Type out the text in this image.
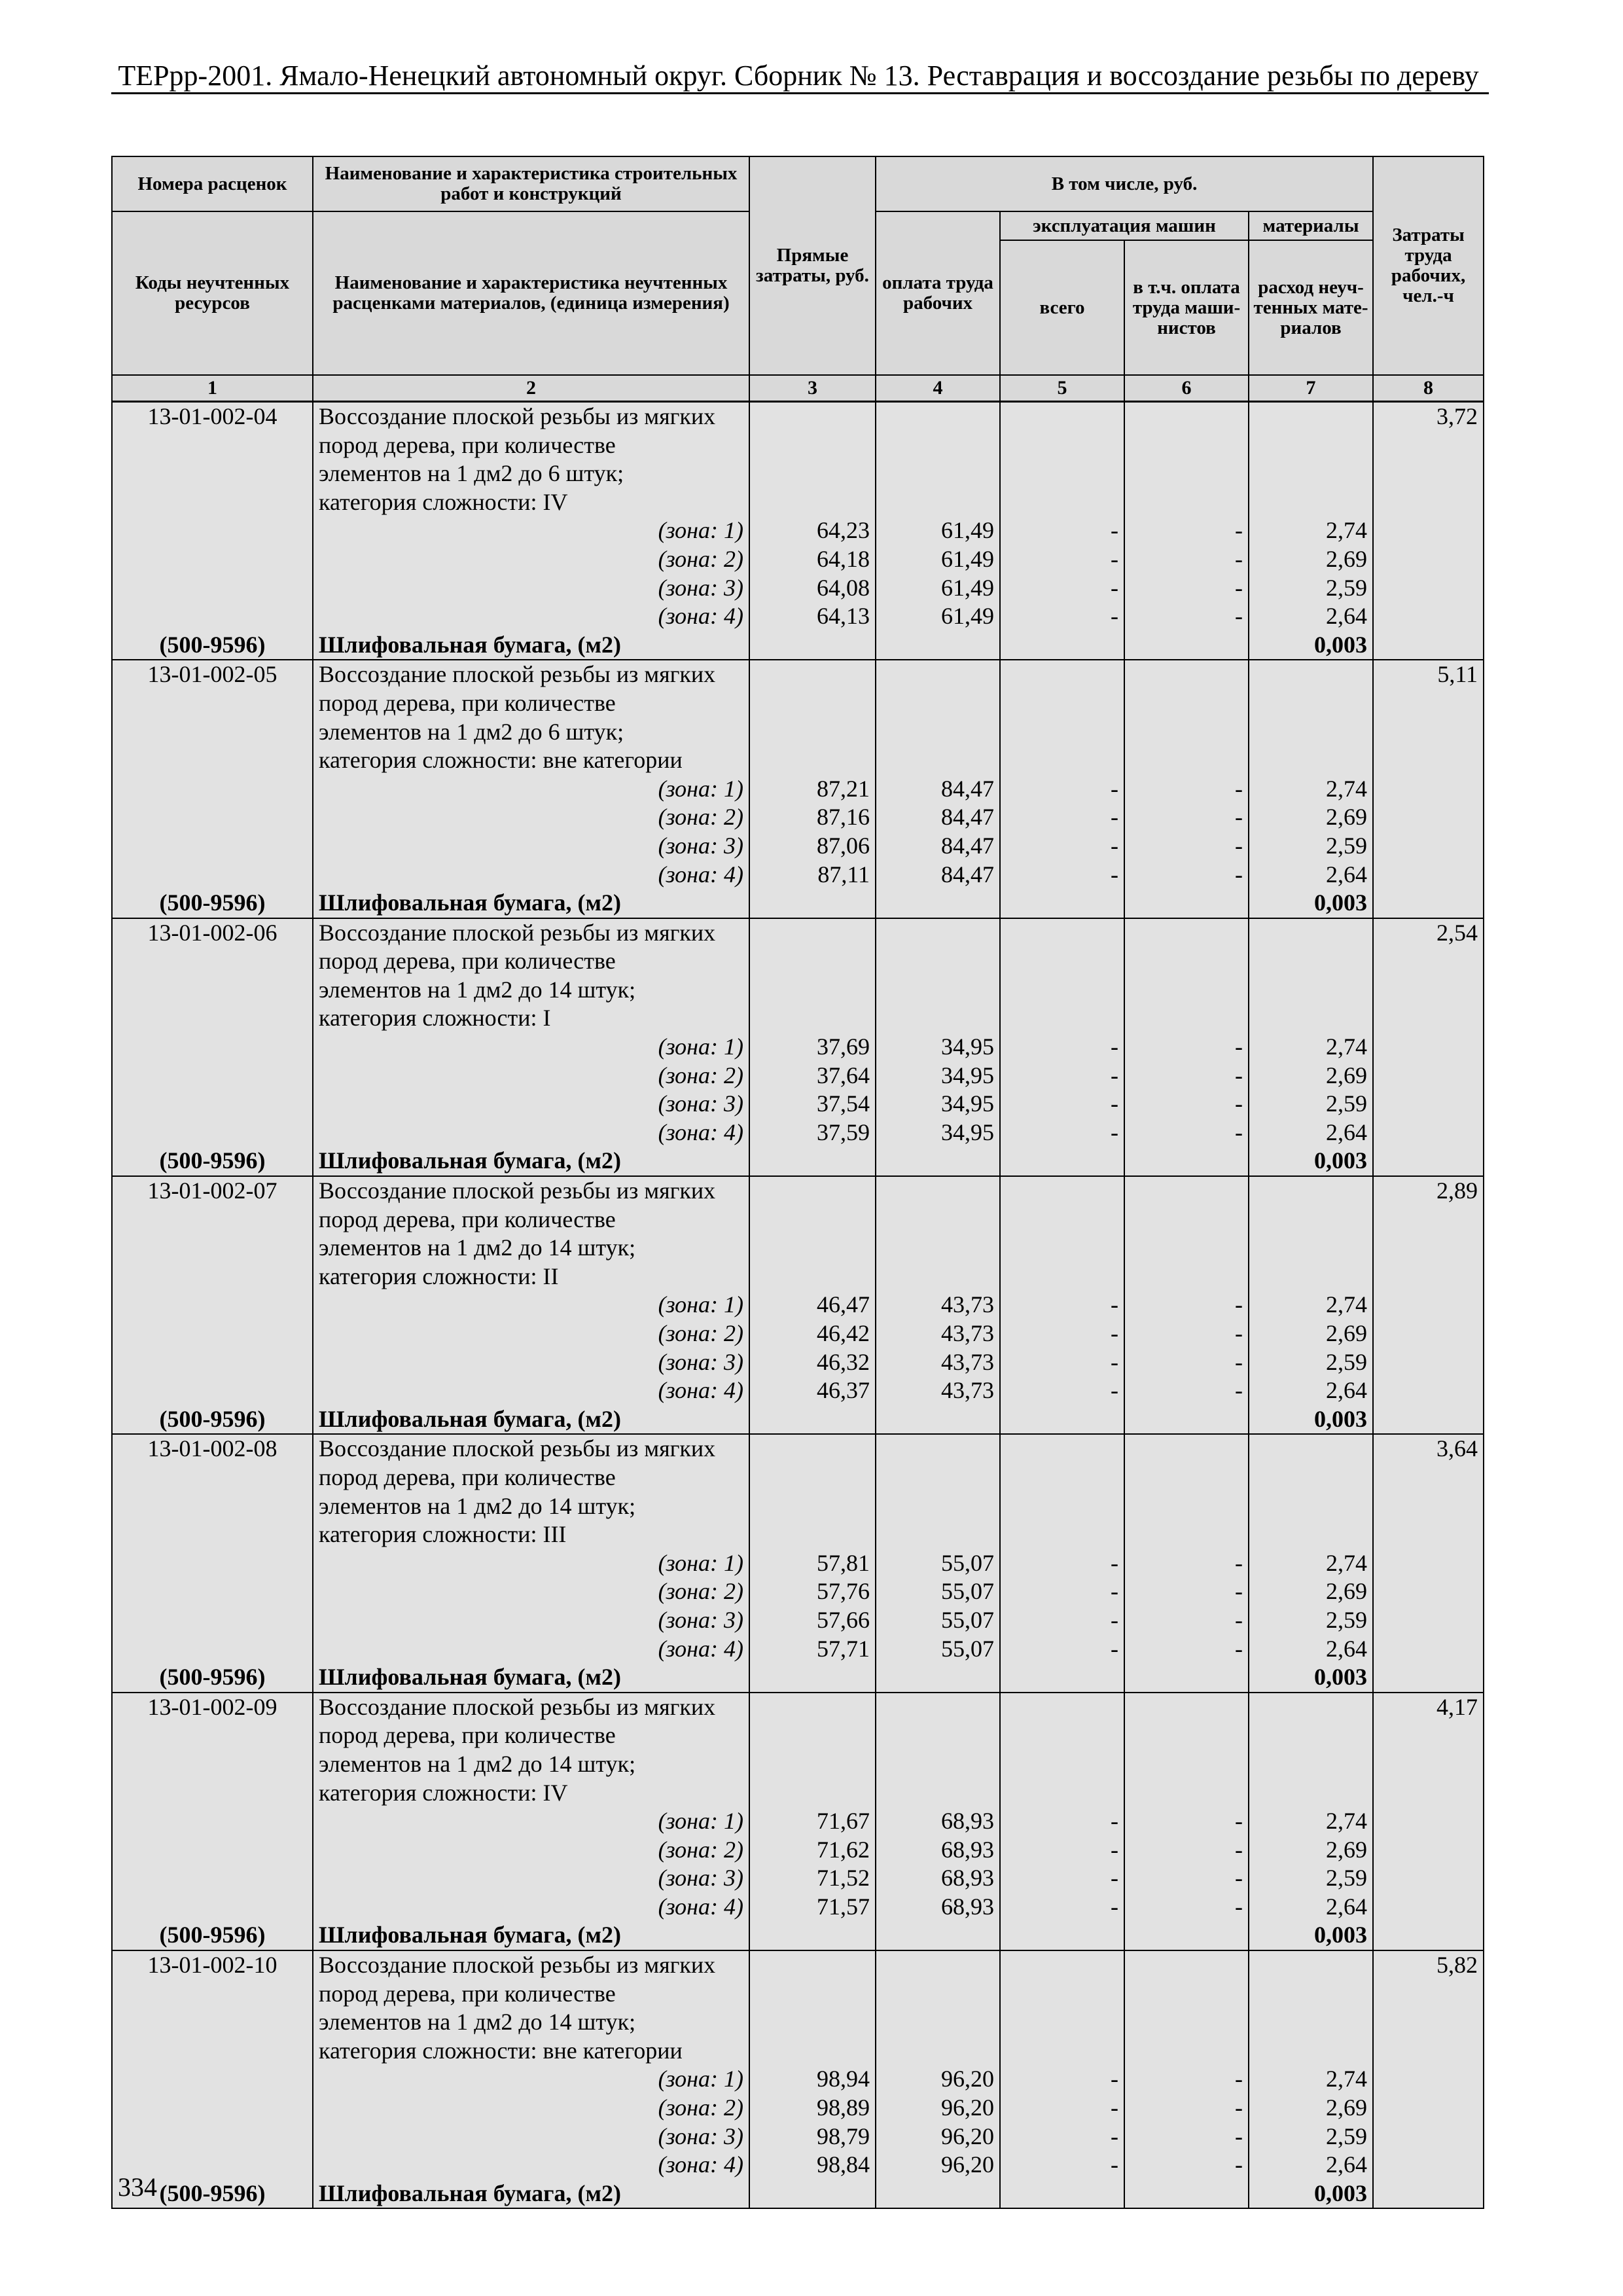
ТЕРрр-2001. Ямало-Ненецкий автономный округ. Сборник № 13. Реставрация и воссоздание резьбы по дереву
Номера расценок	Наименование и характеристика строительных работ и конструкций	Прямые затраты, руб.	В том числе, руб.				Затраты труда рабочих, чел.-ч
Коды неучтенных ресурсов	Наименование и характеристика неучтенных расценками материалов, (единица измерения)		оплата труда рабочих	эксплуатация машин		материалы	
				всего	в т.ч. оплата труда маши-нистов	расход неуч-тенных мате-риалов	
1	2	3	4	5	6	7	8
13-01-002-04	Воссоздание плоской резьбы из мягких						3,72
	пород дерева, при количестве						
	элементов на 1 дм2 до 6 штук;						
	категория сложности: IV						
	(зона: 1)	64,23	61,49	-	-	2,74	
	(зона: 2)	64,18	61,49	-	-	2,69	
	(зона: 3)	64,08	61,49	-	-	2,59	
	(зона: 4)	64,13	61,49	-	-	2,64	
(500-9596)	Шлифовальная бумага, (м2)					0,003	
13-01-002-05	Воссоздание плоской резьбы из мягких						5,11
	пород дерева, при количестве						
	элементов на 1 дм2 до 6 штук;						
	категория сложности: вне категории						
	(зона: 1)	87,21	84,47	-	-	2,74	
	(зона: 2)	87,16	84,47	-	-	2,69	
	(зона: 3)	87,06	84,47	-	-	2,59	
	(зона: 4)	87,11	84,47	-	-	2,64	
(500-9596)	Шлифовальная бумага, (м2)					0,003	
13-01-002-06	Воссоздание плоской резьбы из мягких						2,54
	пород дерева, при количестве						
	элементов на 1 дм2 до 14 штук;						
	категория сложности: I						
	(зона: 1)	37,69	34,95	-	-	2,74	
	(зона: 2)	37,64	34,95	-	-	2,69	
	(зона: 3)	37,54	34,95	-	-	2,59	
	(зона: 4)	37,59	34,95	-	-	2,64	
(500-9596)	Шлифовальная бумага, (м2)					0,003	
13-01-002-07	Воссоздание плоской резьбы из мягких						2,89
	пород дерева, при количестве						
	элементов на 1 дм2 до 14 штук;						
	категория сложности: II						
	(зона: 1)	46,47	43,73	-	-	2,74	
	(зона: 2)	46,42	43,73	-	-	2,69	
	(зона: 3)	46,32	43,73	-	-	2,59	
	(зона: 4)	46,37	43,73	-	-	2,64	
(500-9596)	Шлифовальная бумага, (м2)					0,003	
13-01-002-08	Воссоздание плоской резьбы из мягких						3,64
	пород дерева, при количестве						
	элементов на 1 дм2 до 14 штук;						
	категория сложности: III						
	(зона: 1)	57,81	55,07	-	-	2,74	
	(зона: 2)	57,76	55,07	-	-	2,69	
	(зона: 3)	57,66	55,07	-	-	2,59	
	(зона: 4)	57,71	55,07	-	-	2,64	
(500-9596)	Шлифовальная бумага, (м2)					0,003	
13-01-002-09	Воссоздание плоской резьбы из мягких						4,17
	пород дерева, при количестве						
	элементов на 1 дм2 до 14 штук;						
	категория сложности: IV						
	(зона: 1)	71,67	68,93	-	-	2,74	
	(зона: 2)	71,62	68,93	-	-	2,69	
	(зона: 3)	71,52	68,93	-	-	2,59	
	(зона: 4)	71,57	68,93	-	-	2,64	
(500-9596)	Шлифовальная бумага, (м2)					0,003	
13-01-002-10	Воссоздание плоской резьбы из мягких						5,82
	пород дерева, при количестве						
	элементов на 1 дм2 до 14 штук;						
	категория сложности: вне категории						
	(зона: 1)	98,94	96,20	-	-	2,74	
	(зона: 2)	98,89	96,20	-	-	2,69	
	(зона: 3)	98,79	96,20	-	-	2,59	
	(зона: 4)	98,84	96,20	-	-	2,64	
(500-9596)	Шлифовальная бумага, (м2)					0,003	
334
